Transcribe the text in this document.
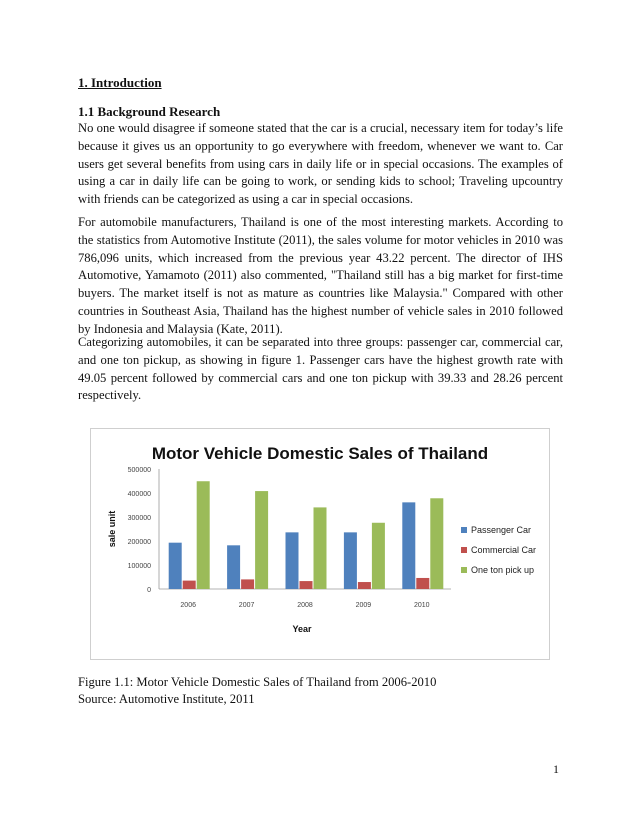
1. Introduction
1.1 Background Research

No one would disagree if someone stated that the car is a crucial, necessary item for today’s life because it gives us an opportunity to go everywhere with freedom, whenever we want to. Car users get several benefits from using cars in daily life or in special occasions. The examples of using a car in daily life can be going to work, or sending kids to school; Traveling upcountry with friends can be categorized as using a car in special occasions.

For automobile manufacturers, Thailand is one of the most interesting markets. According to the statistics from Automotive Institute (2011), the sales volume for motor vehicles in 2010 was 786,096 units, which increased from the previous year 43.22 percent. The director of IHS Automotive, Yamamoto (2011) also commented, "Thailand still has a big market for first-time buyers. The market itself is not as mature as countries like Malaysia." Compared with other countries in Southeast Asia, Thailand has the highest number of vehicle sales in 2010 followed by Indonesia and Malaysia (Kate, 2011).

Categorizing automobiles, it can be separated into three groups: passenger car, commercial car, and one ton pickup, as showing in figure 1. Passenger cars have the highest growth rate with 49.05 percent followed by commercial cars and one ton pickup with 39.33 and 28.26 percent respectively.

Motor Vehicle Domestic Sales of Thailand
0
100000
200000
300000
400000
500000
sale unit
2006	2007	2008	2009	2010
Year
Passenger Car
Commercial Car
One ton pick up
Figure 1.1: Motor Vehicle Domestic Sales of Thailand from 2006-2010
Source: Automotive Institute, 2011
1
